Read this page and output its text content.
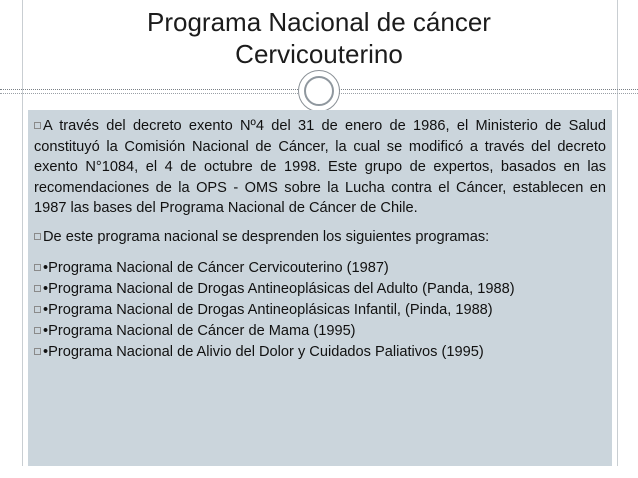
Programa Nacional de cáncer
Cervicouterino

A través del decreto exento Nº4 del 31 de enero de 1986, el Ministerio de Salud constituyó la Comisión Nacional de Cáncer, la cual se modificó a través del decreto exento N°1084, el 4 de octubre de 1998. Este grupo de expertos, basados en las recomendaciones de la OPS - OMS sobre la Lucha contra el Cáncer, establecen en 1987 las bases del Programa Nacional de Cáncer de Chile.

De este programa nacional se desprenden los siguientes programas:

•Programa Nacional de Cáncer Cervicouterino (1987)
•Programa Nacional de Drogas Antineoplásicas del Adulto (Panda, 1988)
•Programa Nacional de Drogas Antineoplásicas Infantil, (Pinda, 1988)
•Programa Nacional de Cáncer de Mama (1995)
•Programa Nacional de Alivio del Dolor y Cuidados Paliativos (1995)
